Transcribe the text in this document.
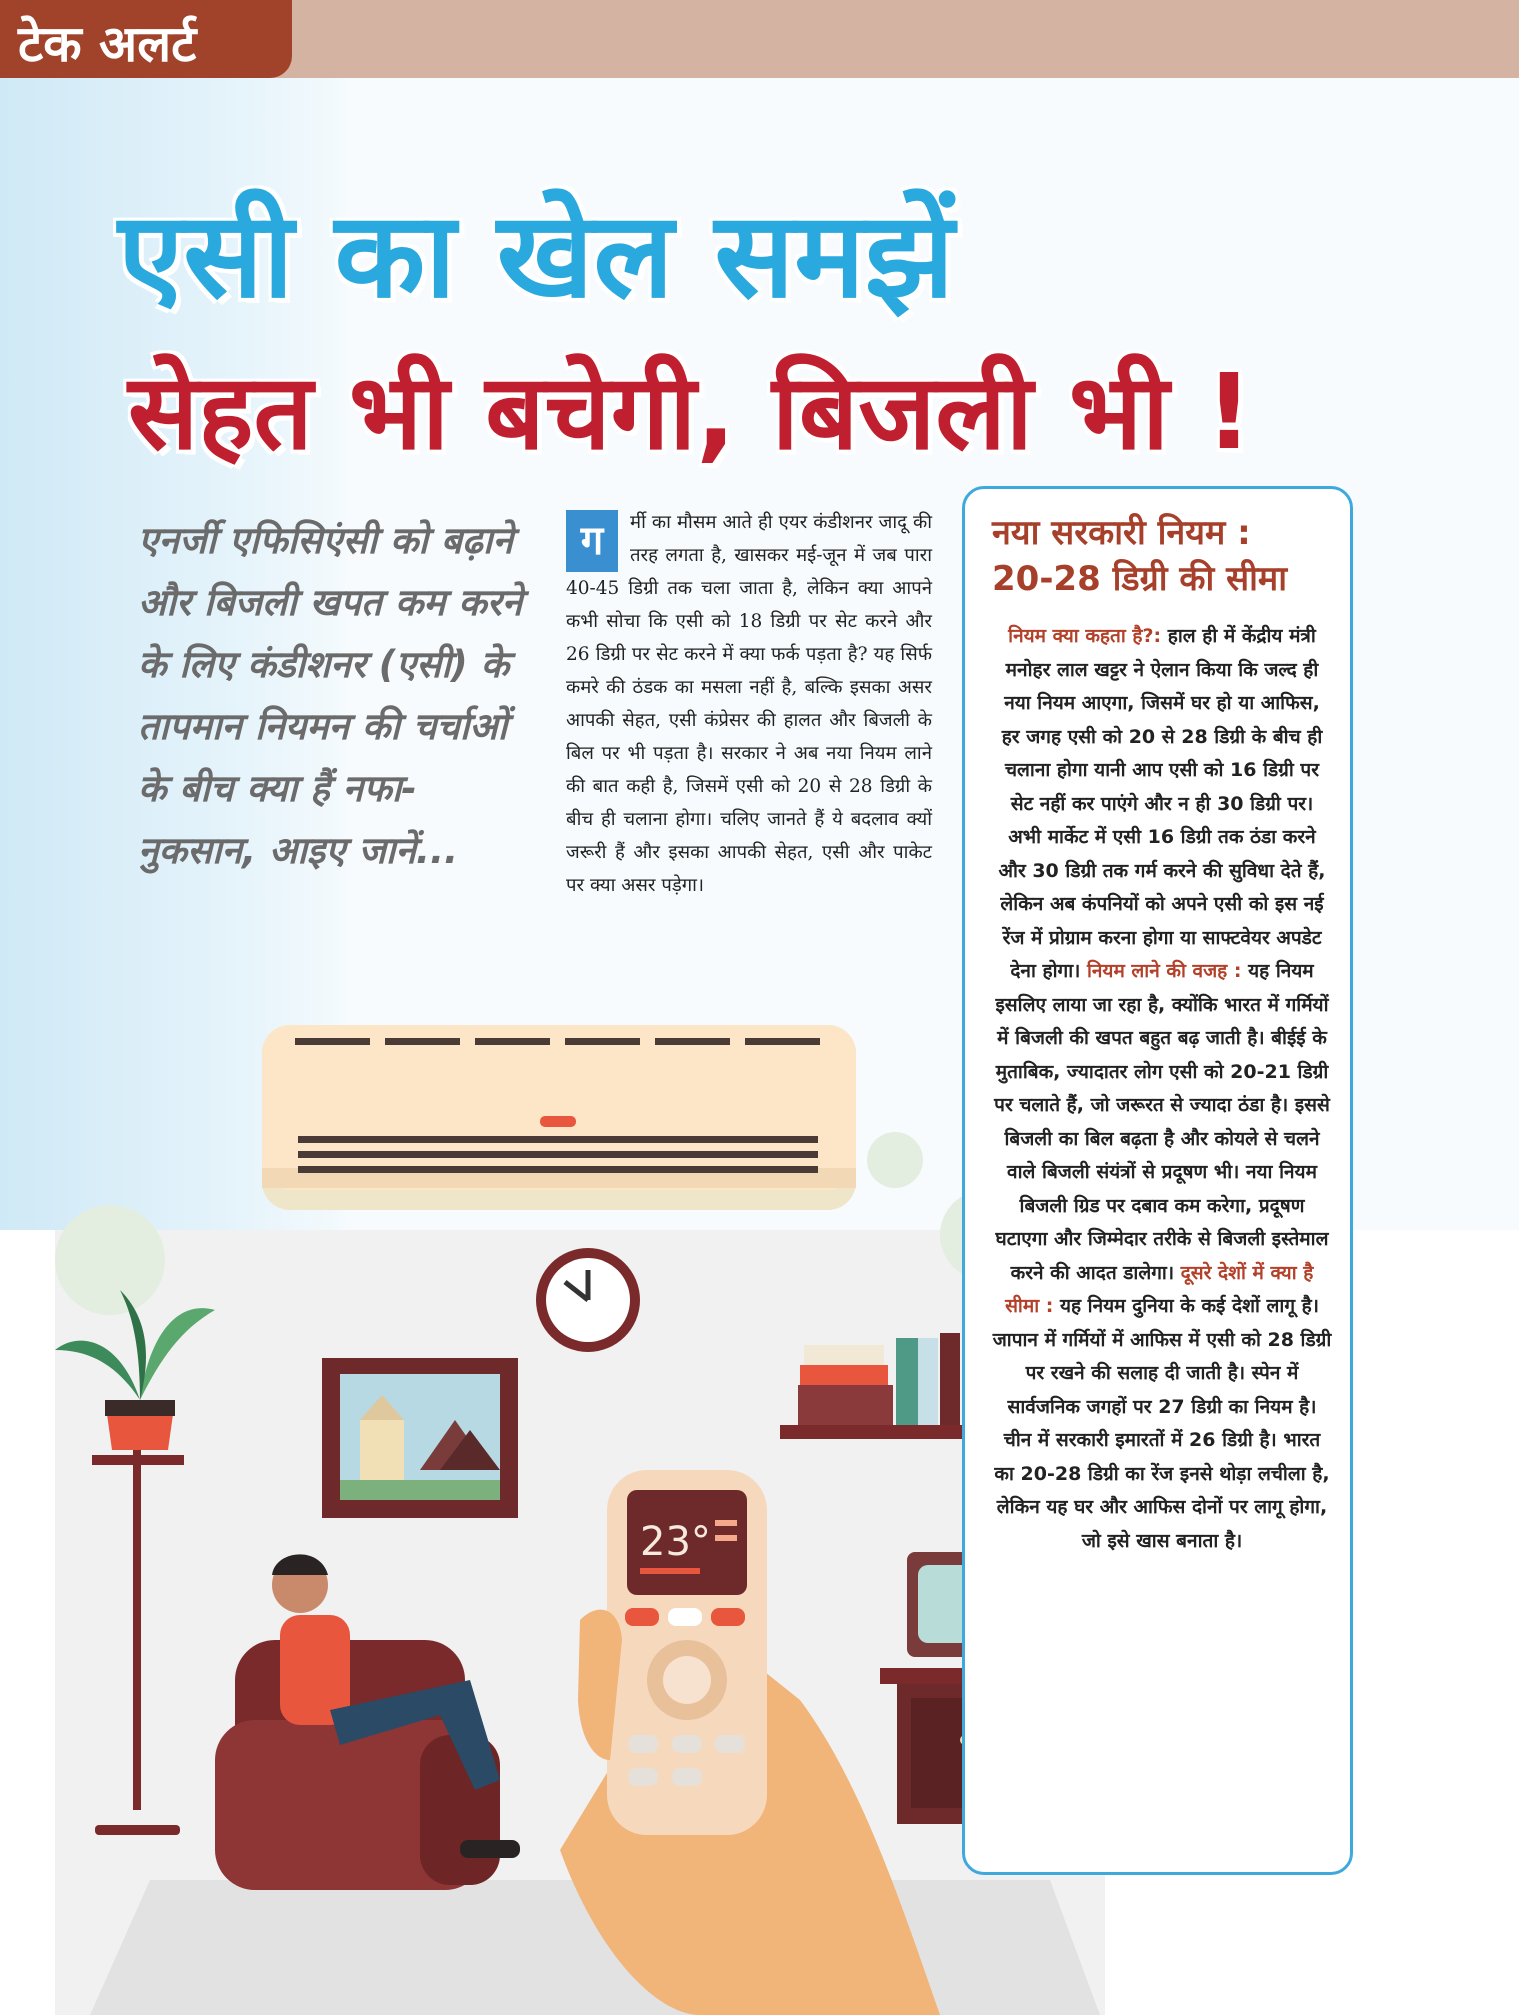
टेक अलर्ट
23°
एसी का खेल समझें
सेहत भी बचेगी, बिजली भी !
एनर्जी एफिसिएंसी को बढ़ाने और बिजली खपत कम करने के लिए कंडीशनर (एसी) के तापमान नियमन की चर्चाओं के बीच क्या हैं नफा-नुकसान, आइए जानें...
ग	र्मी का मौसम आते ही एयर कंडीशनर जादू की तरह लगता है, खासकर मई-जून में जब पारा 40-45 डिग्री तक चला जाता है, लेकिन क्या आपने कभी सोचा कि एसी को 18 डिग्री पर सेट करने और 26 डिग्री पर सेट करने में क्या फर्क पड़ता है? यह सिर्फ कमरे की ठंडक का मसला नहीं है, बल्कि इसका असर आपकी सेहत, एसी कंप्रेसर की हालत और बिजली के बिल पर भी पड़ता है। सरकार ने अब नया नियम लाने की बात कही है, जिसमें एसी को 20 से 28 डिग्री के बीच ही चलाना होगा। चलिए जानते हैं ये बदलाव क्यों जरूरी हैं और इसका आपकी सेहत, एसी और पाकेट पर क्या असर पड़ेगा।
नया सरकारी नियम :
20-28 डिग्री की सीमा
नियम क्या कहता है?: हाल ही में केंद्रीय मंत्री मनोहर लाल खट्टर ने ऐलान किया कि जल्द ही नया नियम आएगा, जिसमें घर हो या आफिस, हर जगह एसी को 20 से 28 डिग्री के बीच ही चलाना होगा यानी आप एसी को 16 डिग्री पर सेट नहीं कर पाएंगे और न ही 30 डिग्री पर। अभी मार्केट में एसी 16 डिग्री तक ठंडा करने और 30 डिग्री तक गर्म करने की सुविधा देते हैं, लेकिन अब कंपनियों को अपने एसी को इस नई रेंज में प्रोग्राम करना होगा या साफ्टवेयर अपडेट देना होगा। नियम लाने की वजह : यह नियम इसलिए लाया जा रहा है, क्योंकि भारत में गर्मियों में बिजली की खपत बहुत बढ़ जाती है। बीईई के मुताबिक, ज्यादातर लोग एसी को 20-21 डिग्री पर चलाते हैं, जो जरूरत से ज्यादा ठंडा है। इससे बिजली का बिल बढ़ता है और कोयले से चलने वाले बिजली संयंत्रों से प्रदूषण भी। नया नियम बिजली ग्रिड पर दबाव कम करेगा, प्रदूषण घटाएगा और जिम्मेदार तरीके से बिजली इस्तेमाल करने की आदत डालेगा। दूसरे देशों में क्या है सीमा : यह नियम दुनिया के कई देशों लागू है। जापान में गर्मियों में आफिस में एसी को 28 डिग्री पर रखने की सलाह दी जाती है। स्पेन में सार्वजनिक जगहों पर 27 डिग्री का नियम है। चीन में सरकारी इमारतों में 26 डिग्री है। भारत का 20-28 डिग्री का रेंज इनसे थोड़ा लचीला है, लेकिन यह घर और आफिस दोनों पर लागू होगा, जो इसे खास बनाता है।
